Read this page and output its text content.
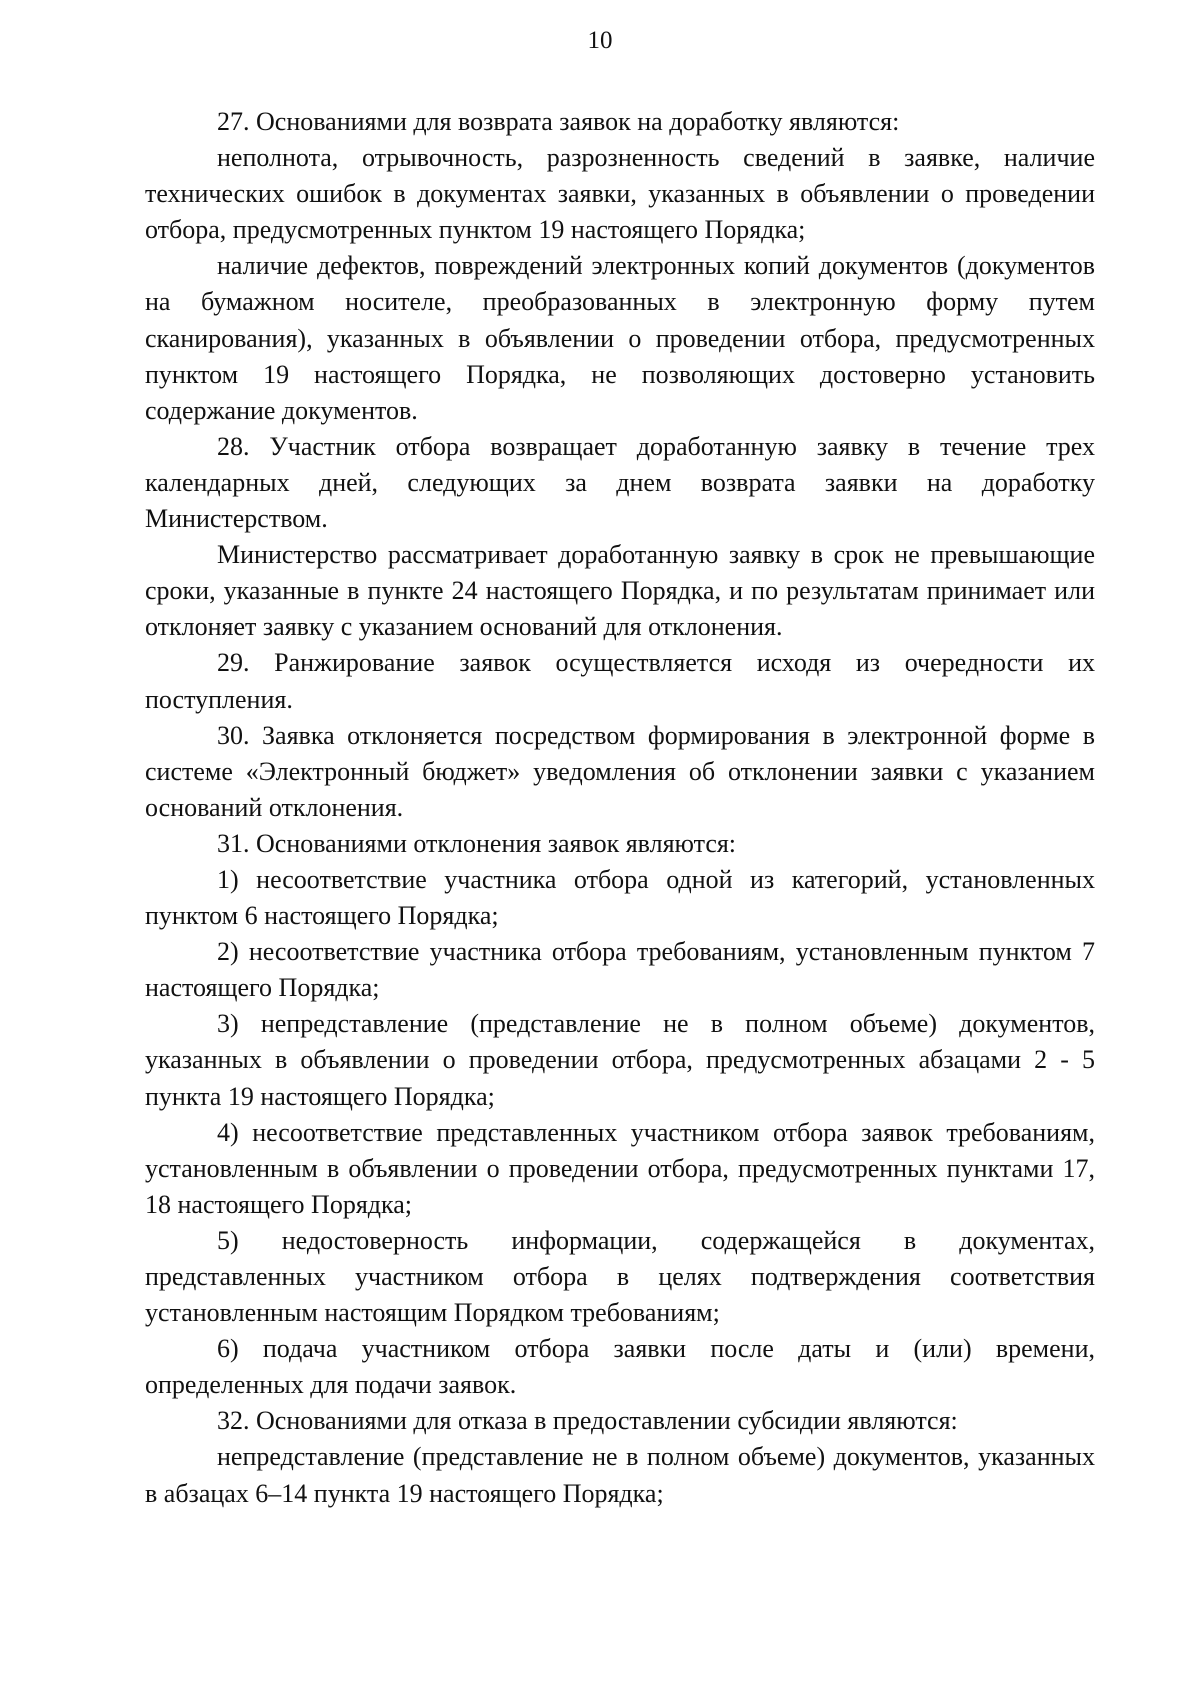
10

27. Основаниями для возврата заявок на доработку являются:

неполнота, отрывочность, разрозненность сведений в заявке, наличие технических ошибок в документах заявки, указанных в объявлении о проведении отбора, предусмотренных пунктом 19 настоящего Порядка;

наличие дефектов, повреждений электронных копий документов (документов на бумажном носителе, преобразованных в электронную форму путем сканирования), указанных в объявлении о проведении отбора, предусмотренных пунктом 19 настоящего Порядка, не позволяющих достоверно установить содержание документов.

28. Участник отбора возвращает доработанную заявку в течение трех календарных дней, следующих за днем возврата заявки на доработку Министерством.

Министерство рассматривает доработанную заявку в срок не превышающие сроки, указанные в пункте 24 настоящего Порядка, и по результатам принимает или отклоняет заявку с указанием оснований для отклонения.

29. Ранжирование заявок осуществляется исходя из очередности их поступления.

30. Заявка отклоняется посредством формирования в электронной форме в системе «Электронный бюджет» уведомления об отклонении заявки с указанием оснований отклонения.

31. Основаниями отклонения заявок являются:

1) несоответствие участника отбора одной из категорий, установленных пунктом 6 настоящего Порядка;

2) несоответствие участника отбора требованиям, установленным пунктом 7 настоящего Порядка;

3) непредставление (представление не в полном объеме) документов, указанных в объявлении о проведении отбора, предусмотренных абзацами 2 - 5 пункта 19 настоящего Порядка;

4) несоответствие представленных участником отбора заявок требованиям, установленным в объявлении о проведении отбора, предусмотренных пунктами 17, 18 настоящего Порядка;

5) недостоверность информации, содержащейся в документах, представленных участником отбора в целях подтверждения соответствия установленным настоящим Порядком требованиям;

6) подача участником отбора заявки после даты и (или) времени, определенных для подачи заявок.

32. Основаниями для отказа в предоставлении субсидии являются:

непредставление (представление не в полном объеме) документов, указанных в абзацах 6–14 пункта 19 настоящего Порядка;
